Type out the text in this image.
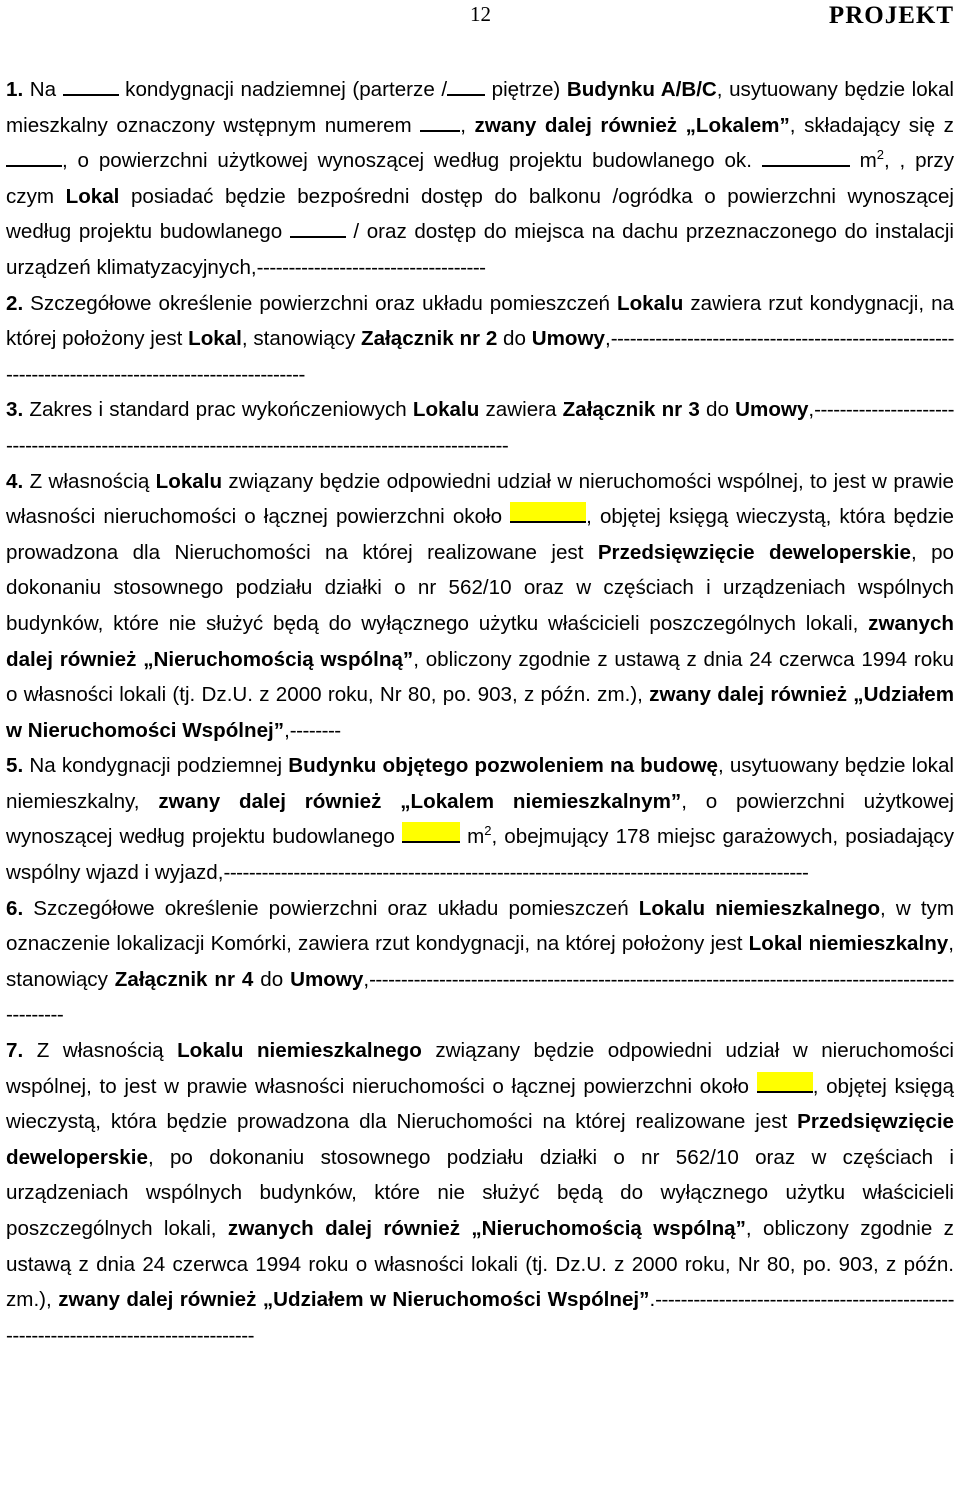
12	PROJEKT

1. Na	kondygnacji nadziemnej (parterze / piętrze) Budynku A/B/C, usytuowany będzie lokal mieszkalny oznaczony wstępnym numerem , zwany dalej również „Lokalem”, składający się z , o powierzchni użytkowej wynoszącej według projektu budowlanego ok.	$m^2$, , przy czym Lokal posiadać będzie bezpośredni dostęp do balkonu /ogródka o powierzchni wynoszącej według projektu budowlanego	/ oraz dostęp do miejsca na dachu przeznaczonego do instalacji urządzeń klimatyzacyjnych,------------------------------------

2. Szczegółowe określenie powierzchni oraz układu pomieszczeń Lokalu zawiera rzut kondygnacji, na której położony jest Lokal, stanowiący Załącznik nr 2 do Umowy,-----------------------------------------------------------------------------------------------------

3. Zakres i standard prac wykończeniowych Lokalu zawiera Załącznik nr 3 do Umowy,-----------------------------------------------------------------------------------------------------

4. Z własnością Lokalu związany będzie odpowiedni udział w nieruchomości wspólnej, to jest w prawie własności nieruchomości o łącznej powierzchni około	, objętej księgą wieczystą, która będzie prowadzona dla Nieruchomości na której realizowane jest Przedsięwzięcie deweloperskie, po dokonaniu stosownego podziału działki o nr 562/10 oraz w częściach i urządzeniach wspólnych budynków, które nie służyć będą do wyłącznego użytku właścicieli poszczególnych lokali, zwanych dalej również „Nieruchomością wspólną”, obliczony zgodnie z ustawą z dnia 24 czerwca 1994 roku o własności lokali (tj. Dz.U. z 2000 roku, Nr 80, po. 903, z późn. zm.), zwany dalej również „Udziałem w Nieruchomości Wspólnej”,--------

5. Na kondygnacji podziemnej Budynku objętego pozwoleniem na budowę, usytuowany będzie lokal niemieszkalny, zwany dalej również „Lokalem niemieszkalnym”, o powierzchni użytkowej wynoszącej według projektu budowlanego	$m^2$, obejmujący 178 miejsc garażowych, posiadający wspólny wjazd i wyjazd,--------------------------------------------------------------------------------------------

6. Szczegółowe określenie powierzchni oraz układu pomieszczeń Lokalu niemieszkalnego, w tym oznaczenie lokalizacji Komórki, zawiera rzut kondygnacji, na której położony jest Lokal niemieszkalny, stanowiący Załącznik nr 4 do Umowy,-----------------------------------------------------------------------------------------------------

7. Z własnością Lokalu niemieszkalnego związany będzie odpowiedni udział w nieruchomości wspólnej, to jest w prawie własności nieruchomości o łącznej powierzchni około	, objętej księgą wieczystą, która będzie prowadzona dla Nieruchomości na której realizowane jest Przedsięwzięcie deweloperskie, po dokonaniu stosownego podziału działki o nr 562/10 oraz w częściach i urządzeniach wspólnych budynków, które nie służyć będą do wyłącznego użytku właścicieli poszczególnych lokali, zwanych dalej również „Nieruchomością wspólną”, obliczony zgodnie z ustawą z dnia 24 czerwca 1994 roku o własności lokali (tj. Dz.U. z 2000 roku, Nr 80, po. 903, z późn. zm.), zwany dalej również „Udziałem w Nieruchomości Wspólnej”.--------------------------------------------------------------------------------------
